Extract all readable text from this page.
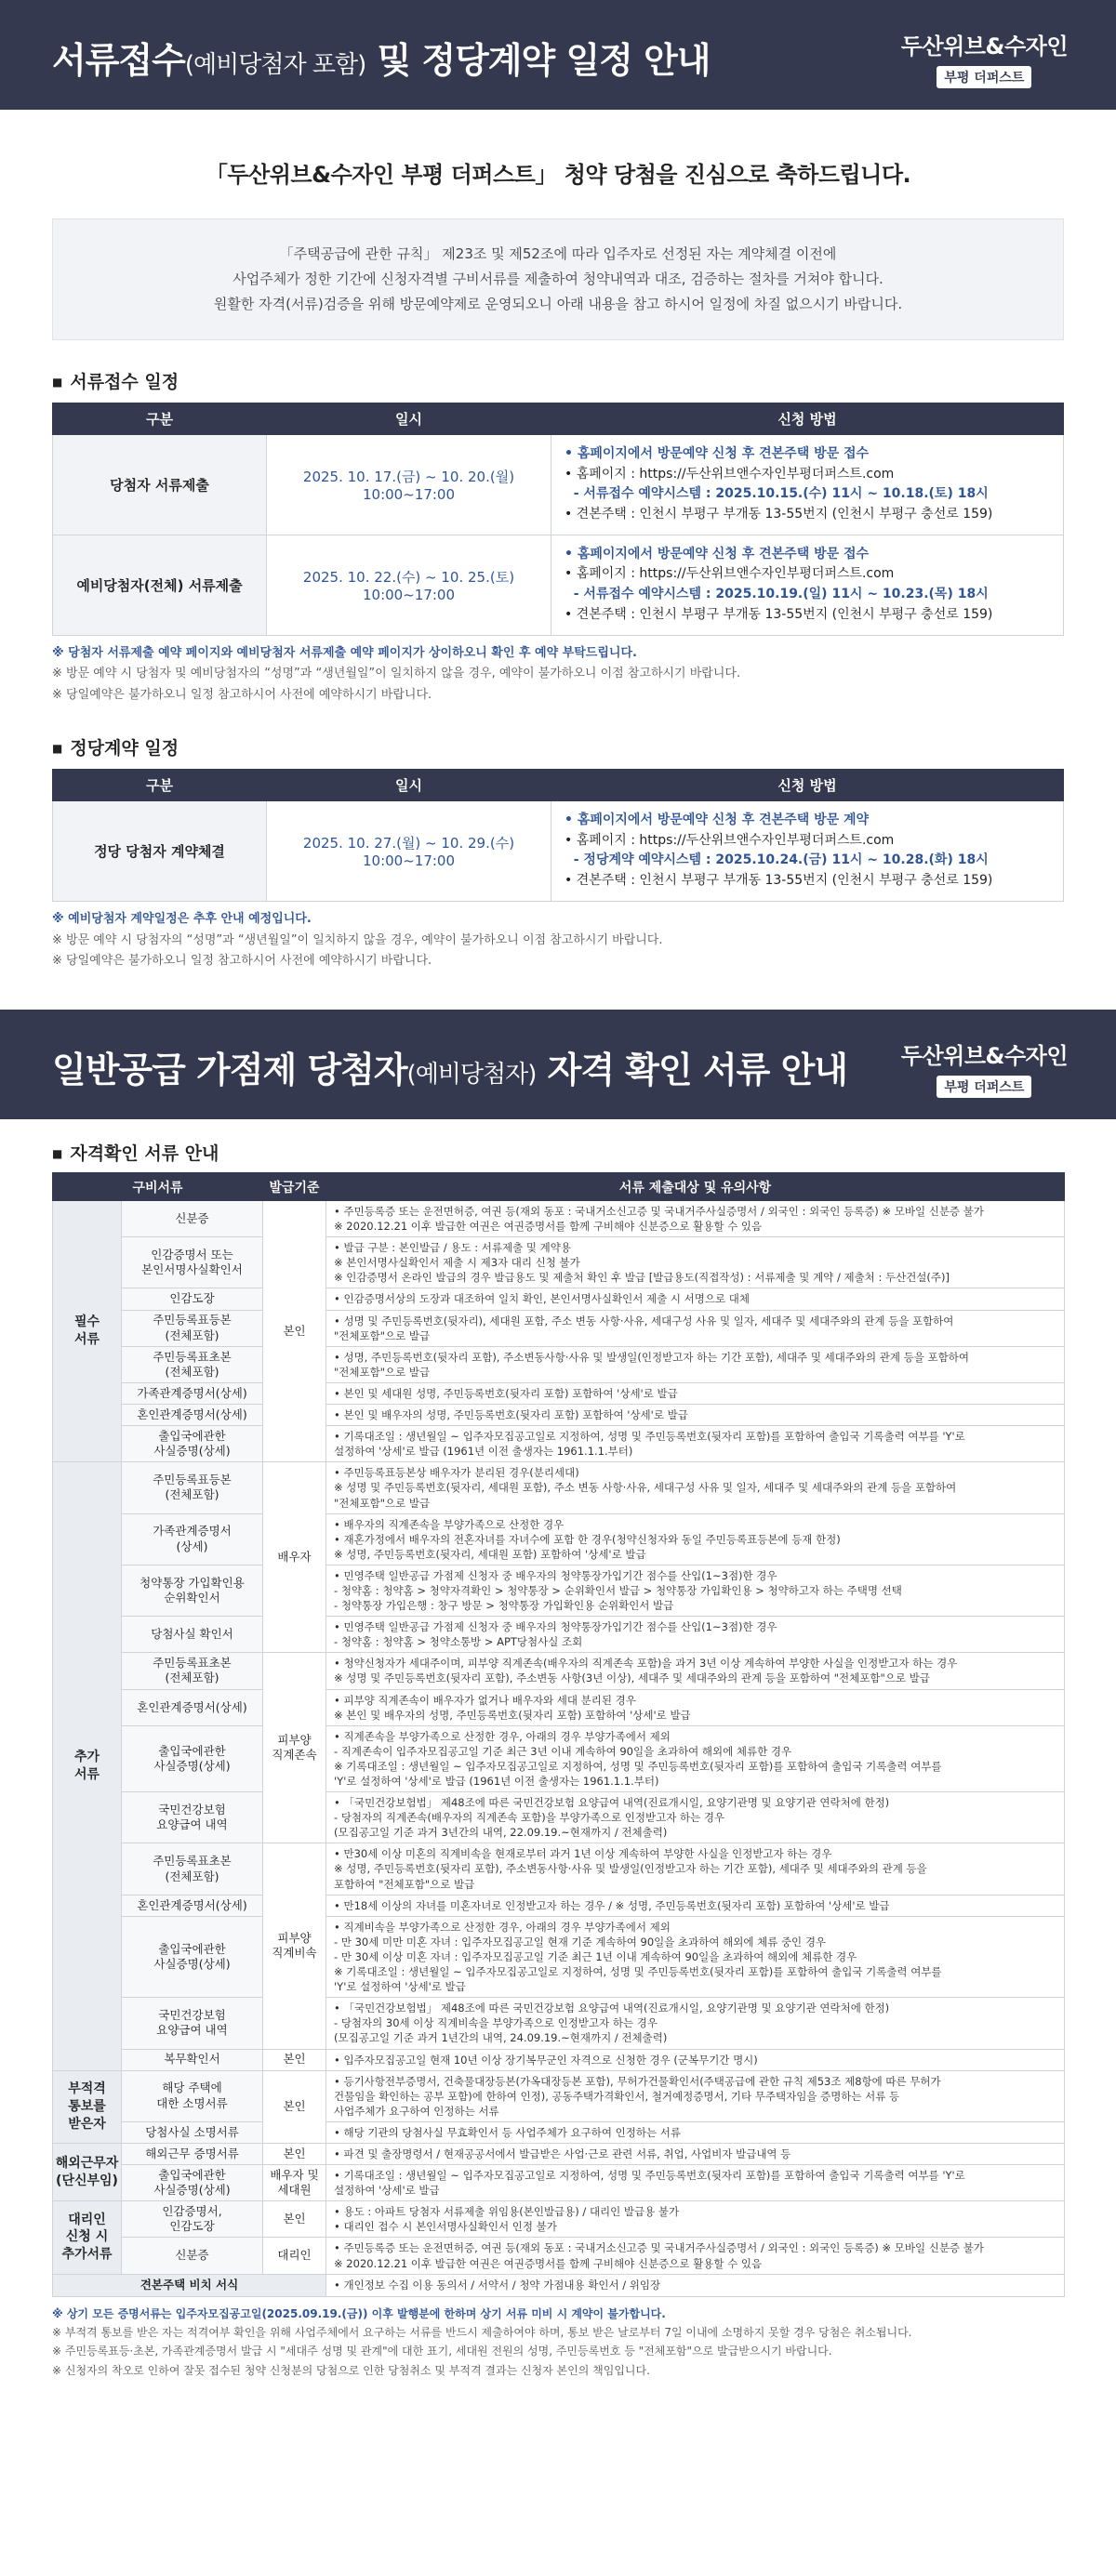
서류접수(예비당첨자 포함) 및 정당계약 일정 안내	두산위브&수자인
부평 더퍼스트
「두산위브&수자인 부평 더퍼스트」 청약 당첨을 진심으로 축하드립니다.
「주택공급에 관한 규칙」 제23조 및 제52조에 따라 입주자로 선정된 자는 계약체결 이전에
사업주체가 정한 기간에 신청자격별 구비서류를 제출하여 청약내역과 대조, 검증하는 절차를 거쳐야 합니다.
원활한 자격(서류)검증을 위해 방문예약제로 운영되오니 아래 내용을 참고 하시어 일정에 차질 없으시기 바랍니다.
■ 서류접수 일정
구분	일시	신청 방법
당첨자 서류제출	2025. 10. 17.(금) ~ 10. 20.(월) 10:00~17:00	• 홈페이지에서 방문예약 신청 후 견본주택 방문 접수
• 홈페이지 : https://두산위브앤수자인부평더퍼스트.com
- 서류접수 예약시스템 : 2025.10.15.(수) 11시 ~ 10.18.(토) 18시
• 견본주택 : 인천시 부평구 부개동 13-55번지 (인천시 부평구 충선로 159)

예비당첨자(전체) 서류제출	2025. 10. 22.(수) ~ 10. 25.(토) 10:00~17:00	• 홈페이지에서 방문예약 신청 후 견본주택 방문 접수
• 홈페이지 : https://두산위브앤수자인부평더퍼스트.com
- 서류접수 예약시스템 : 2025.10.19.(일) 11시 ~ 10.23.(목) 18시
• 견본주택 : 인천시 부평구 부개동 13-55번지 (인천시 부평구 충선로 159)
※ 당첨자 서류제출 예약 페이지와 예비당첨자 서류제출 예약 페이지가 상이하오니 확인 후 예약 부탁드립니다.
※ 방문 예약 시 당첨자 및 예비당첨자의 “성명”과 “생년월일”이 일치하지 않을 경우, 예약이 불가하오니 이점 참고하시기 바랍니다.
※ 당일예약은 불가하오니 일정 참고하시어 사전에 예약하시기 바랍니다.
■ 정당계약 일정
구분	일시	신청 방법
정당 당첨자 계약체결	2025. 10. 27.(월) ~ 10. 29.(수) 10:00~17:00	• 홈페이지에서 방문예약 신청 후 견본주택 방문 계약
• 홈페이지 : https://두산위브앤수자인부평더퍼스트.com
- 정당계약 예약시스템 : 2025.10.24.(금) 11시 ~ 10.28.(화) 18시
• 견본주택 : 인천시 부평구 부개동 13-55번지 (인천시 부평구 충선로 159)
※ 예비당첨자 계약일정은 추후 안내 예정입니다.
※ 방문 예약 시 당첨자의 “성명”과 “생년월일”이 일치하지 않을 경우, 예약이 불가하오니 이점 참고하시기 바랍니다.
※ 당일예약은 불가하오니 일정 참고하시어 사전에 예약하시기 바랍니다.
일반공급 가점제 당첨자(예비당첨자) 자격 확인 서류 안내 두산위브&수자인
부평 더퍼스트
■ 자격확인 서류 안내
구비서류		발급기준	서류 제출대상 및 유의사항
필수
서류	신분증	본인	• 주민등록증 또는 운전면허증, 여권 등(재외 동포 : 국내거소신고증 및 국내거주사실증명서 / 외국인 : 외국인 등록증) ※ 모바일 신분증 불가
※ 2020.12.21 이후 발급한 여권은 여권증명서를 함께 구비해야 신분증으로 활용할 수 있음
	인감증명서 또는
본인서명사실확인서		• 발급 구분 : 본인발급 / 용도 : 서류제출 및 계약용
※ 본인서명사실확인서 제출 시 제3자 대리 신청 불가
※ 인감증명서 온라인 발급의 경우 발급용도 및 제출처 확인 후 발급 [발급용도(직접작성) : 서류제출 및 계약 / 제출처 : 두산건설(주)]
	인감도장		• 인감증명서상의 도장과 대조하여 일치 확인, 본인서명사실확인서 제출 시 서명으로 대체
	주민등록표등본
(전체포함)		• 성명 및 주민등록번호(뒷자리), 세대원 포함, 주소 변동 사항·사유, 세대구성 사유 및 일자, 세대주 및 세대주와의 관계 등을 포함하여
"전체포함"으로 발급
	주민등록표초본
(전체포함)		• 성명, 주민등록번호(뒷자리 포함), 주소변동사항·사유 및 발생일(인정받고자 하는 기간 포함), 세대주 및 세대주와의 관계 등을 포함하여
"전체포함"으로 발급
	가족관계증명서(상세)		• 본인 및 세대원 성명, 주민등록번호(뒷자리 포함) 포함하여 '상세'로 발급
	혼인관계증명서(상세)		• 본인 및 배우자의 성명, 주민등록번호(뒷자리 포함) 포함하여 '상세'로 발급
	출입국에관한
사실증명(상세)		• 기록대조일 : 생년월일 ~ 입주자모집공고일로 지정하여, 성명 및 주민등록번호(뒷자리 포함)를 포함하여 출입국 기록출력 여부를 'Y'로
설정하여 '상세'로 발급 (1961년 이전 출생자는 1961.1.1.부터)
추가
서류	주민등록표등본
(전체포함)	배우자	• 주민등록표등본상 배우자가 분리된 경우(분리세대)
※ 성명 및 주민등록번호(뒷자리, 세대원 포함), 주소 변동 사항·사유, 세대구성 사유 및 일자, 세대주 및 세대주와의 관계 등을 포함하여
"전체포함"으로 발급
	가족관계증명서
(상세)		• 배우자의 직계존속을 부양가족으로 산정한 경우
• 재혼가정에서 배우자의 전혼자녀를 자녀수에 포함 한 경우(청약신청자와 동일 주민등록표등본에 등재 한정)
※ 성명, 주민등록번호(뒷자리, 세대원 포함) 포함하여 '상세'로 발급
	청약통장 가입확인용
순위확인서		• 민영주택 일반공급 가점제 신청자 중 배우자의 청약통장가입기간 점수를 산입(1~3점)한 경우
- 청약홈 : 청약홈 > 청약자격확인 > 청약통장 > 순위확인서 발급 > 청약통장 가입확인용 > 청약하고자 하는 주택명 선택
- 청약통장 가입은행 : 창구 방문 > 청약통장 가입확인용 순위확인서 발급
	당첨사실 확인서		• 민영주택 일반공급 가점제 신청자 중 배우자의 청약통장가입기간 점수를 산입(1~3점)한 경우
- 청약홈 : 청약홈 > 청약소통방 > APT당첨사실 조회
	주민등록표초본
(전체포함)	피부양
직계존속	• 청약신청자가 세대주이며, 피부양 직계존속(배우자의 직계존속 포함)을 과거 3년 이상 계속하여 부양한 사실을 인정받고자 하는 경우
※ 성명 및 주민등록번호(뒷자리 포함), 주소변동 사항(3년 이상), 세대주 및 세대주와의 관계 등을 포함하여 "전체포함"으로 발급
	혼인관계증명서(상세)		• 피부양 직계존속이 배우자가 없거나 배우자와 세대 분리된 경우
※ 본인 및 배우자의 성명, 주민등록번호(뒷자리 포함) 포함하여 '상세'로 발급
	출입국에관한
사실증명(상세)		• 직계존속을 부양가족으로 산정한 경우, 아래의 경우 부양가족에서 제외
- 직계존속이 입주자모집공고일 기준 최근 3년 이내 계속하여 90일을 초과하여 해외에 체류한 경우
※ 기록대조일 : 생년월일 ~ 입주자모집공고일로 지정하여, 성명 및 주민등록번호(뒷자리 포함)를 포함하여 출입국 기록출력 여부를
'Y'로 설정하여 '상세'로 발급 (1961년 이전 출생자는 1961.1.1.부터)
	국민건강보험
요양급여 내역		• 「국민건강보험법」 제48조에 따른 국민건강보험 요양급여 내역(진료개시일, 요양기관명 및 요양기관 연락처에 한정)
- 당첨자의 직계존속(배우자의 직계존속 포함)을 부양가족으로 인정받고자 하는 경우
(모집공고일 기준 과거 3년간의 내역, 22.09.19.~현재까지 / 전체출력)
	주민등록표초본
(전체포함)	피부양
직계비속	• 만30세 이상 미혼의 직계비속을 현재로부터 과거 1년 이상 계속하여 부양한 사실을 인정받고자 하는 경우
※ 성명, 주민등록번호(뒷자리 포함), 주소변동사항·사유 및 발생일(인정받고자 하는 기간 포함), 세대주 및 세대주와의 관계 등을
포함하여 "전체포함"으로 발급
	혼인관계증명서(상세)		• 만18세 이상의 자녀를 미혼자녀로 인정받고자 하는 경우 / ※ 성명, 주민등록번호(뒷자리 포함) 포함하여 '상세'로 발급
	출입국에관한
사실증명(상세)		• 직계비속을 부양가족으로 산정한 경우, 아래의 경우 부양가족에서 제외
- 만 30세 미만 미혼 자녀 : 입주자모집공고일 현재 기준 계속하여 90일을 초과하여 해외에 체류 중인 경우
- 만 30세 이상 미혼 자녀 : 입주자모집공고일 기준 최근 1년 이내 계속하여 90일을 초과하여 해외에 체류한 경우
※ 기록대조일 : 생년월일 ~ 입주자모집공고일로 지정하여, 성명 및 주민등록번호(뒷자리 포함)를 포함하여 출입국 기록출력 여부를
'Y'로 설정하여 '상세'로 발급
	국민건강보험
요양급여 내역		• 「국민건강보험법」 제48조에 따른 국민건강보험 요양급여 내역(진료개시일, 요양기관명 및 요양기관 연락처에 한정)
- 당첨자의 30세 이상 직계비속을 부양가족으로 인정받고자 하는 경우
(모집공고일 기준 과거 1년간의 내역, 24.09.19.~현재까지 / 전체출력)
	복무확인서	본인	• 입주자모집공고일 현재 10년 이상 장기복무군인 자격으로 신청한 경우 (군복무기간 명시)
부적격
통보를
받은자	해당 주택에
대한 소명서류	본인	• 등기사항전부증명서, 건축물대장등본(가옥대장등본 포함), 무허가건물확인서(주택공급에 관한 규칙 제53조 제8항에 따른 무허가
건물임을 확인하는 공부 포함)에 한하여 인정), 공동주택가격확인서, 철거예정증명서, 기타 무주택자임을 증명하는 서류 등
사업주체가 요구하여 인정하는 서류
	당첨사실 소명서류		• 해당 기관의 당첨사실 무효확인서 등 사업주체가 요구하여 인정하는 서류
해외근무자
(단신부임)	해외근무 증명서류	본인	• 파견 및 출장명령서 / 현재공공서에서 발급받은 사업·근로 관련 서류, 취업, 사업비자 발급내역 등
	출입국에관한
사실증명(상세)	배우자 및
세대원	• 기록대조일 : 생년월일 ~ 입주자모집공고일로 지정하여, 성명 및 주민등록번호(뒷자리 포함)를 포함하여 출입국 기록출력 여부를 'Y'로
설정하여 '상세'로 발급
대리인
신청 시
추가서류	인감증명서,
인감도장	본인	• 용도 : 아파트 당첨자 서류제출 위임용(본인발급용) / 대리인 발급용 불가
• 대리인 접수 시 본인서명사실확인서 인정 불가
	신분증	대리인	• 주민등록증 또는 운전면허증, 여권 등(재외 동포 : 국내거소신고증 및 국내거주사실증명서 / 외국인 : 외국인 등록증) ※ 모바일 신분증 불가
※ 2020.12.21 이후 발급한 여권은 여권증명서를 함께 구비해야 신분증으로 활용할 수 있음
견본주택 비치 서식			• 개인정보 수집 이용 동의서 / 서약서 / 청약 가점내용 확인서 / 위임장
※ 상기 모든 증명서류는 입주자모집공고일(2025.09.19.(금)) 이후 발행분에 한하며 상기 서류 미비 시 계약이 불가합니다.
※ 부적격 통보를 받은 자는 적격여부 확인을 위해 사업주체에서 요구하는 서류를 반드시 제출하여야 하며, 통보 받은 날로부터 7일 이내에 소명하지 못할 경우 당첨은 취소됩니다.
※ 주민등록표등·초본, 가족관계증명서 발급 시 "세대주 성명 및 관계"에 대한 표기, 세대원 전원의 성명, 주민등록번호 등 "전체포함"으로 발급받으시기 바랍니다.
※ 신청자의 착오로 인하여 잘못 접수된 청약 신청분의 당첨으로 인한 당첨취소 및 부적격 결과는 신청자 본인의 책임입니다.
